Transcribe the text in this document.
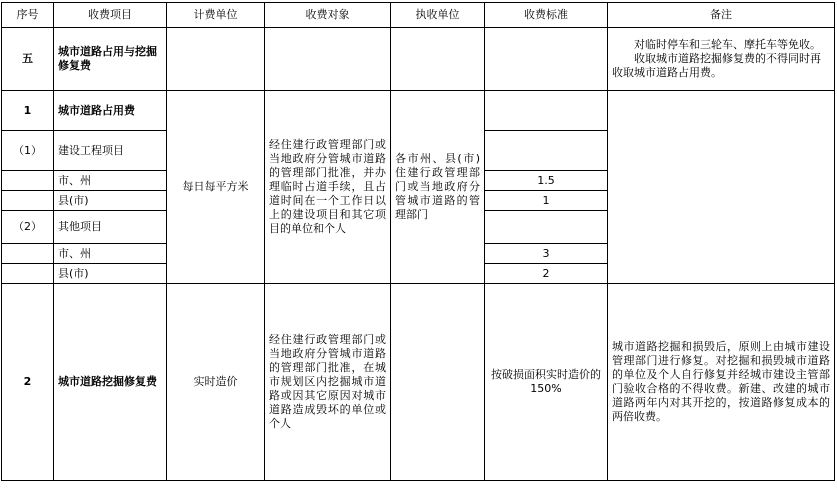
序号	收费项目	计费单位	收费对象	执收单位	收费标准	备注
五	城市道路占用与挖掘修复费					对临时停车和三轮车、摩托车等免收。

收取城市道路挖掘修复费的不得同时再收取城市道路占用费。

1	城市道路占用费	每日每平方米	经住建行政管理部门或当地政府分管城市道路的管理部门批准，并办理临时占道手续，且占道时间在一个工作日以上的建设项目和其它项目的单位和个人	各市州、县(市)住建行政管理部门或当地政府分管城市道路的管理部门		
（1）	建设工程项目					
	市、州				1.5	
	县(市)				1	
（2）	其他项目					
	市、州				3	
	县(市)				2	
2	城市道路挖掘修复费	实时造价	经住建行政管理部门或当地政府分管城市道路的管理部门批准，在城市规划区内挖掘城市道路或因其它原因对城市道路造成毁坏的单位或个人		按破损面积实时造价的 150%	城市道路挖掘和损毁后，原则上由城市建设管理部门进行修复。对挖掘和损毁城市道路的单位及个人自行修复并经城市建设主管部门验收合格的不得收费。新建、改建的城市道路两年内对其开挖的，按道路修复成本的两倍收费。
